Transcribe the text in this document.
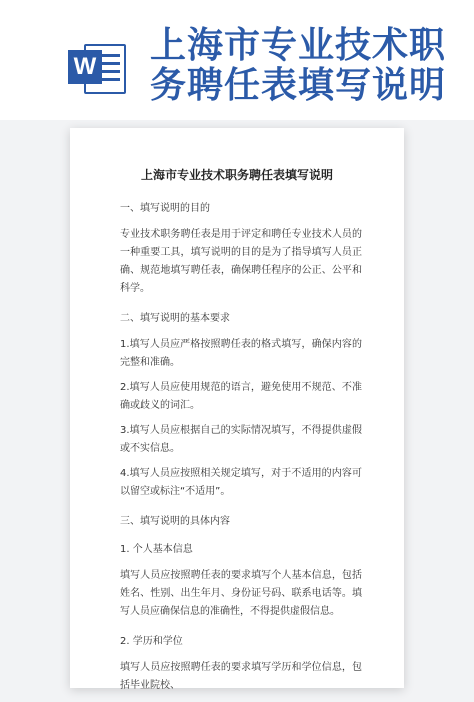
W
上海市专业技术职
务聘任表填写说明
上海市专业技术职务聘任表填写说明

一、填写说明的目的

专业技术职务聘任表是用于评定和聘任专业技术人员的一种重要工具，填写说明的目的是为了指导填写人员正确、规范地填写聘任表，确保聘任程序的公正、公平和科学。

二、填写说明的基本要求

1.填写人员应严格按照聘任表的格式填写，确保内容的完整和准确。

2.填写人员应使用规范的语言，避免使用不规范、不准确或歧义的词汇。

3.填写人员应根据自己的实际情况填写，不得提供虚假或不实信息。

4.填写人员应按照相关规定填写，对于不适用的内容可以留空或标注“不适用”。

三、填写说明的具体内容

1. 个人基本信息

填写人员应按照聘任表的要求填写个人基本信息，包括姓名、性别、出生年月、身份证号码、联系电话等。填写人员应确保信息的准确性，不得提供虚假信息。

2. 学历和学位

填写人员应按照聘任表的要求填写学历和学位信息，包括毕业院校、
